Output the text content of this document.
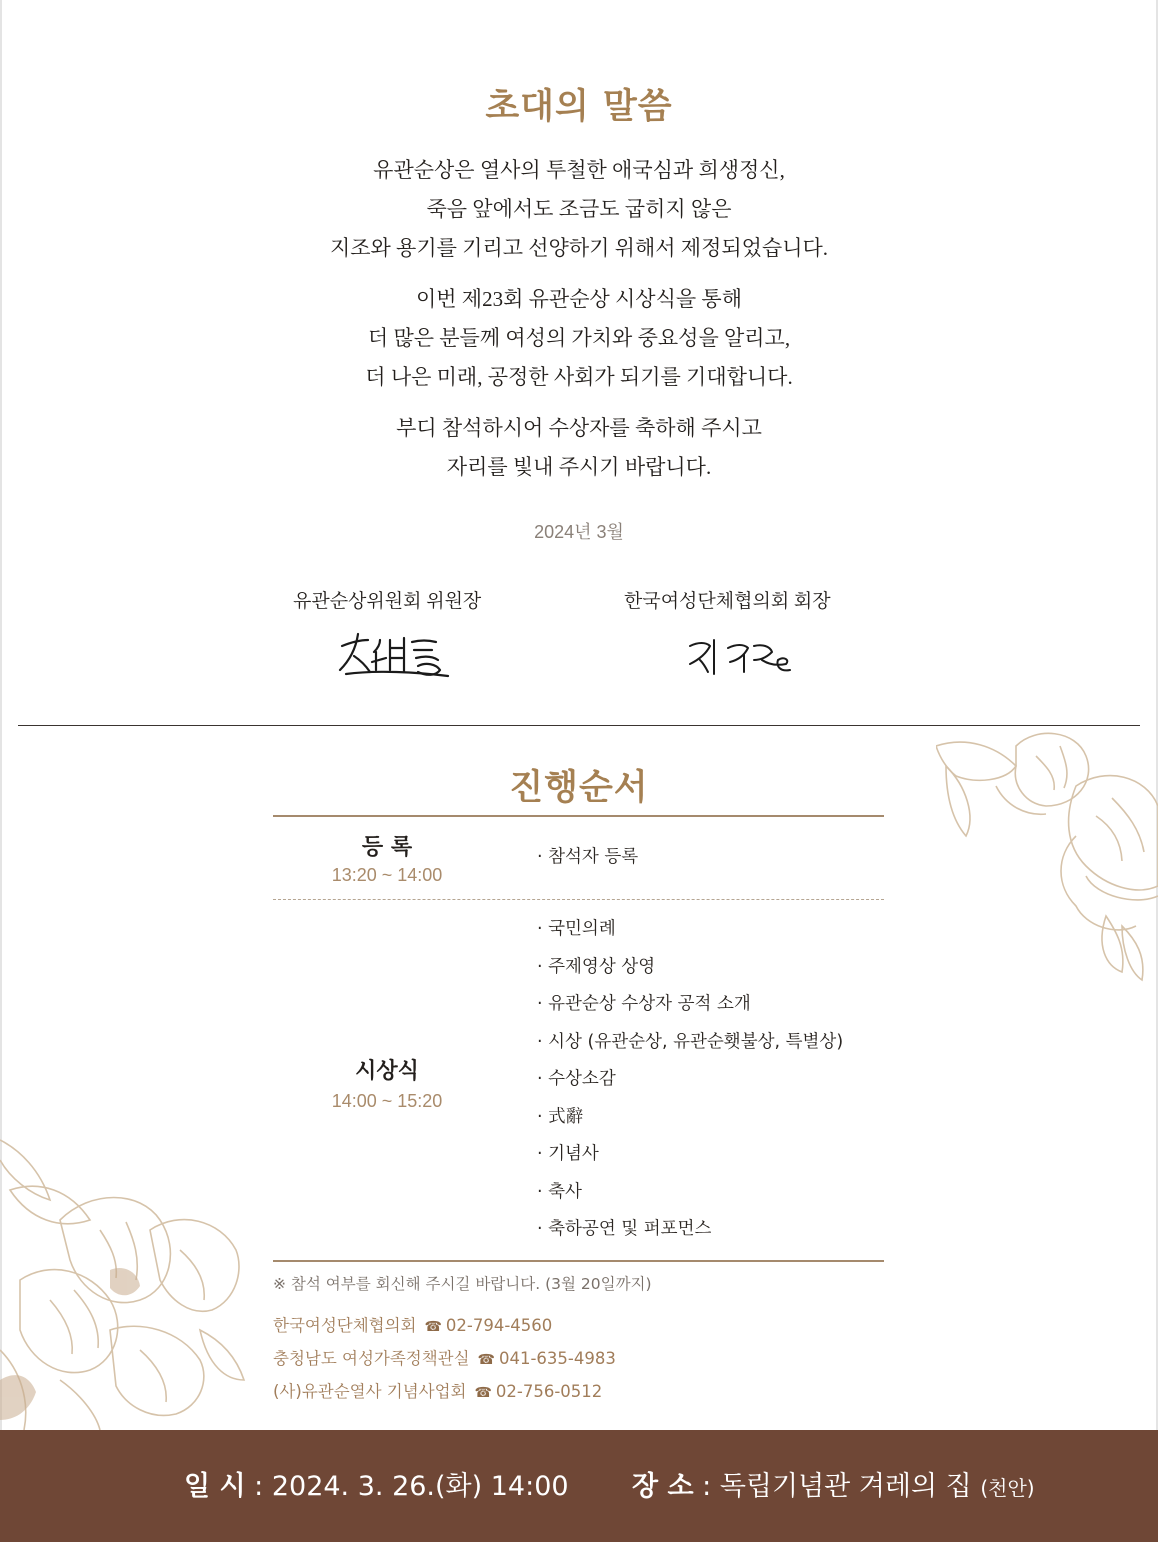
초대의 말씀
유관순상은 열사의 투철한 애국심과 희생정신,
죽음 앞에서도 조금도 굽히지 않은
지조와 용기를 기리고 선양하기 위해서 제정되었습니다.
이번 제23회 유관순상 시상식을 통해
더 많은 분들께 여성의 가치와 중요성을 알리고,
더 나은 미래, 공정한 사회가 되기를 기대합니다.
부디 참석하시어 수상자를 축하해 주시고
자리를 빛내 주시기 바랍니다.
2024년 3월
유관순상위원회 위원장	한국여성단체협의회 회장
진행순서
등 록
13:20 ~ 14:00
· 참석자 등록
시상식
14:00 ~ 15:20
· 국민의례
· 주제영상 상영
· 유관순상 수상자 공적 소개
· 시상 (유관순상, 유관순횃불상, 특별상)
· 수상소감
· 式辭
· 기념사
· 축사
· 축하공연 및 퍼포먼스
※ 참석 여부를 회신해 주시길 바랍니다. (3월 20일까지)
한국여성단체협의회 ☎ 02-794-4560
충청남도 여성가족정책관실 ☎ 041-635-4983
(사)유관순열사 기념사업회 ☎ 02-756-0512
일 시 : 2024. 3. 26.(화) 14:00 장 소 : 독립기념관 겨레의 집 (천안)
